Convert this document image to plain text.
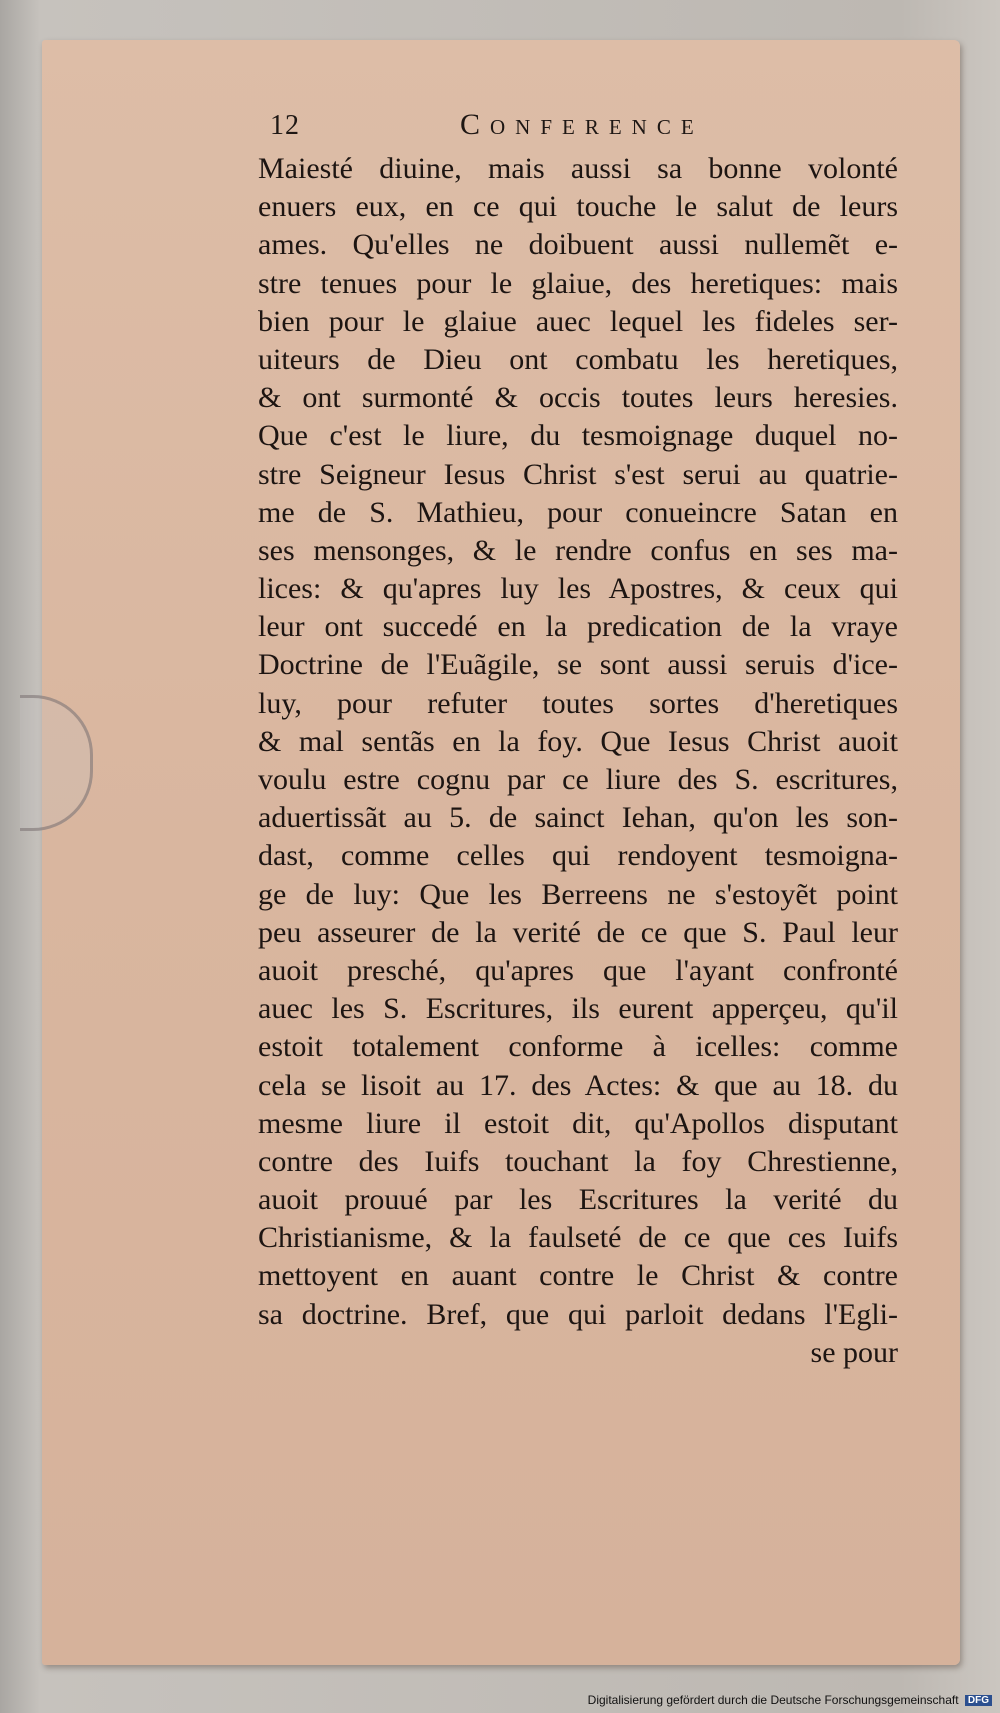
12	Conference
Maiesté diuine, mais aussi sa bonne volonté
enuers eux, en ce qui touche le salut de leurs
ames. Qu'elles ne doibuent aussi nullemẽt e-
stre tenues pour le glaiue, des heretiques: mais
bien pour le glaiue auec lequel les fideles ser-
uiteurs de Dieu ont combatu les heretiques,
& ont surmonté & occis toutes leurs heresies.
Que c'est le liure, du tesmoignage duquel no-
stre Seigneur Iesus Christ s'est serui au quatrie-
me de S. Mathieu, pour conueincre Satan en
ses mensonges, & le rendre confus en ses ma-
lices: & qu'apres luy les Apostres, & ceux qui
leur ont succedé en la predication de la vraye
Doctrine de l'Euãgile, se sont aussi seruis d'ice-
luy, pour refuter toutes sortes d'heretiques
& mal sentãs en la foy. Que Iesus Christ auoit
voulu estre cognu par ce liure des S. escritures,
aduertissãt au 5. de sainct Iehan, qu'on les son-
dast, comme celles qui rendoyent tesmoigna-
ge de luy: Que les Berreens ne s'estoyẽt point
peu asseurer de la verité de ce que S. Paul leur
auoit presché, qu'apres que l'ayant confronté
auec les S. Escritures, ils eurent apperçeu, qu'il
estoit totalement conforme à icelles: comme
cela se lisoit au 17. des Actes: & que au 18. du
mesme liure il estoit dit, qu'Apollos disputant
contre des Iuifs touchant la foy Chrestienne,
auoit prouué par les Escritures la verité du
Christianisme, & la faulseté de ce que ces Iuifs
mettoyent en auant contre le Christ & contre
sa doctrine. Bref, que qui parloit dedans l'Egli-
se pour
Digitalisierung gefördert durch die Deutsche Forschungsgemeinschaft DFG
